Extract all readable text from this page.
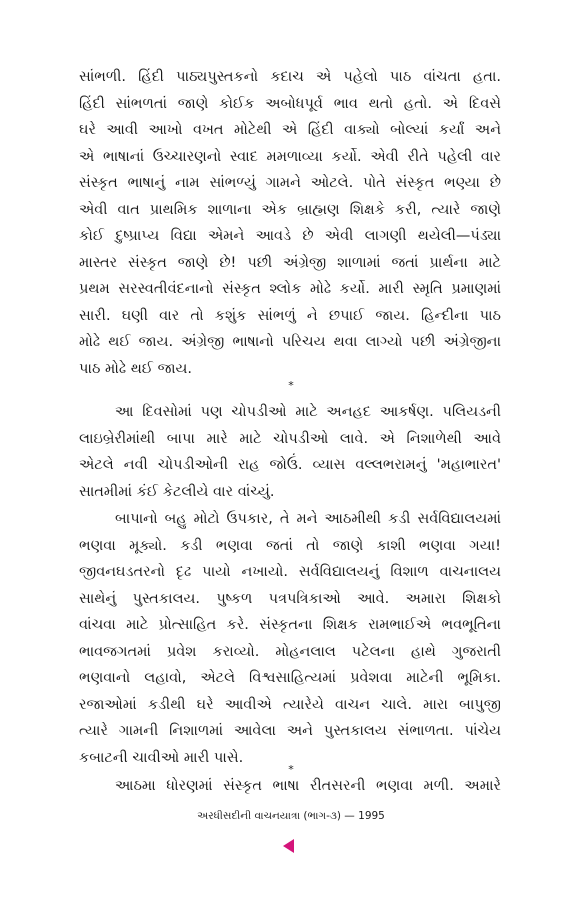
સાંભળી. હિંદી પાઠ્યપુસ્તકનો કદાચ એ પહેલો પાઠ વાંચતા હતા.
હિંદી સાંભળતાં જાણે કોઈક અબોધપૂર્વ ભાવ થતો હતો. એ દિવસે
ઘરે આવી આખો વખત મોટેથી એ હિંદી વાક્યો બોલ્યાં કર્યાં અને
એ ભાષાનાં ઉચ્ચારણનો સ્વાદ મમળાવ્યા કર્યો. એવી રીતે પહેલી વાર
સંસ્કૃત ભાષાનું નામ સાંભળ્યું ગામને ઓટલે. પોતે સંસ્કૃત ભણ્યા છે
એવી વાત પ્રાથમિક શાળાના એક બ્રાહ્મણ શિક્ષકે કરી, ત્યારે જાણે
કોઈ દુષ્પ્રાપ્ય વિદ્યા એમને આવડે છે એવી લાગણી થયેલી—પંડ્યા
માસ્તર સંસ્કૃત જાણે છે! પછી અંગ્રેજી શાળામાં જતાં પ્રાર્થના માટે
પ્રથમ સરસ્વતીવંદનાનો સંસ્કૃત શ્લોક મોઢે કર્યો. મારી સ્મૃતિ પ્રમાણમાં
સારી. ઘણી વાર તો કશુંક સાંભળું ને છપાઈ જાય. હિન્દીના પાઠ
મોઢે થઈ જાય. અંગ્રેજી ભાષાનો પરિચય થવા લાગ્યો પછી અંગ્રેજીના
પાઠ મોઢે થઈ જાય.
*
આ દિવસોમાં પણ ચોપડીઓ માટે અનહદ આકર્ષણ. પલિયડની
લાઇબ્રેરીમાંથી બાપા મારે માટે ચોપડીઓ લાવે. એ નિશાળેથી આવે
એટલે નવી ચોપડીઓની રાહ જોઉં. વ્યાસ વલ્લભરામનું 'મહાભારત'
સાતમીમાં કંઈ કેટલીયે વાર વાંચ્યું.
બાપાનો બહુ મોટો ઉપકાર, તે મને આઠમીથી કડી સર્વવિદ્યાલયમાં
ભણવા મૂક્યો. કડી ભણવા જતાં તો જાણે કાશી ભણવા ગયા!
જીવનઘડતરનો દૃઢ પાયો નખાયો. સર્વવિદ્યાલયનું વિશાળ વાચનાલય
સાથેનું પુસ્તકાલય. પુષ્કળ પત્રપત્રિકાઓ આવે. અમારા શિક્ષકો
વાંચવા માટે પ્રોત્સાહિત કરે. સંસ્કૃતના શિક્ષક રામભાઈએ ભવભૂતિના
ભાવજગતમાં પ્રવેશ કરાવ્યો. મોહનલાલ પટેલના હાથે ગુજરાતી
ભણવાનો લહાવો, એટલે વિશ્વસાહિત્યમાં પ્રવેશવા માટેની ભૂમિકા.
રજાઓમાં કડીથી ઘરે આવીએ ત્યારેયે વાચન ચાલે. મારા બાપુજી
ત્યારે ગામની નિશાળમાં આવેલા અને પુસ્તકાલય સંભાળતા. પાંચેય
કબાટની ચાવીઓ મારી પાસે.
*
આઠમા ધોરણમાં સંસ્કૃત ભાષા રીતસરની ભણવા મળી. અમારે
અરધીસદીની વાચનયાત્રા (ભાગ-૩) — 1995
